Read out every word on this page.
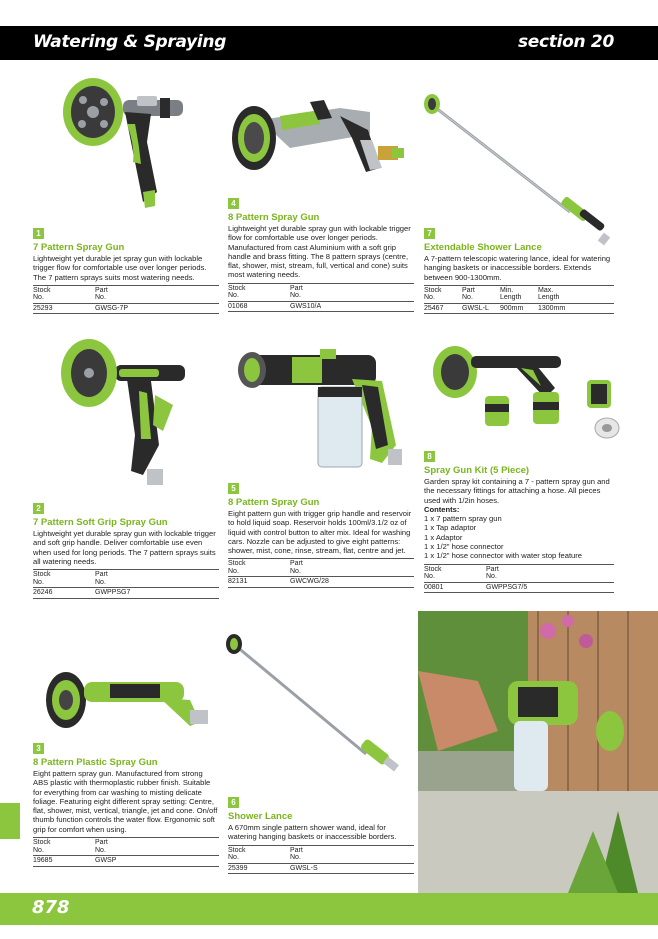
Watering & Spraying	section 20
1
7 Pattern Spray Gun
Lightweight yet durable jet spray gun with lockable trigger flow for comfortable use over longer periods. The 7 pattern sprays suits most watering needs.
Stock	Part
No.	No.
25293	GWSG-7P
4
8 Pattern Spray Gun
Lightweight yet durable spray gun with lockable trigger flow for comfortable use over longer periods. Manufactured from cast Aluminium with a soft grip handle and brass fitting. The 8 pattern sprays (centre, flat, shower, mist, stream, full, vertical and cone) suits most watering needs.
Stock	Part
No.	No.
01068	GWS10/A
7
Extendable Shower Lance
A 7-pattern telescopic watering lance, ideal for watering hanging baskets or inaccessible borders. Extends between 900-1300mm.
Stock	Part	Min.	Max.
No.	No.	Length	Length
25467	GWSL-L	900mm	1300mm
2
7 Pattern Soft Grip Spray Gun
Lightweight yet durable spray gun with lockable trigger and soft grip handle. Deliver comfortable use even when used for long periods. The 7 pattern sprays suits all watering needs.
Stock	Part
No.	No.
26246	GWPPSG7
5
8 Pattern Spray Gun
Eight pattern gun with trigger grip handle and reservoir to hold liquid soap. Reservoir holds 100ml/3.1/2 oz of liquid with control button to alter mix. Ideal for washing cars. Nozzle can be adjusted to give eight patterns: shower, mist, cone, rinse, stream, flat, centre and jet.
Stock	Part
No.	No.
82131	GWCWG/28
8
Spray Gun Kit (5 Piece)
Garden spray kit containing a 7 - pattern spray gun and the necessary fittings for attaching a hose. All pieces used with 1/2in hoses.
Contents:
1 x 7 pattern spray gun
1 x Tap adaptor
1 x Adaptor
1 x 1/2" hose connector
1 x 1/2" hose connector with water stop feature
Stock	Part
No.	No.
00801	GWPPSG7/5
3
8 Pattern Plastic Spray Gun
Eight pattern spray gun. Manufactured from strong ABS plastic with thermoplastic rubber finish. Suitable for everything from car washing to misting delicate foliage. Featuring eight different spray setting: Centre, flat, shower, mist, vertical, triangle, jet and cone. On/off thumb function controls the water flow. Ergonomic soft grip for comfort when using.
Stock	Part
No.	No.
19685	GWSP
6
Shower Lance
A 670mm single pattern shower wand, ideal for watering hanging baskets or inaccessible borders.
Stock	Part
No.	No.
25399	GWSL-S
878
